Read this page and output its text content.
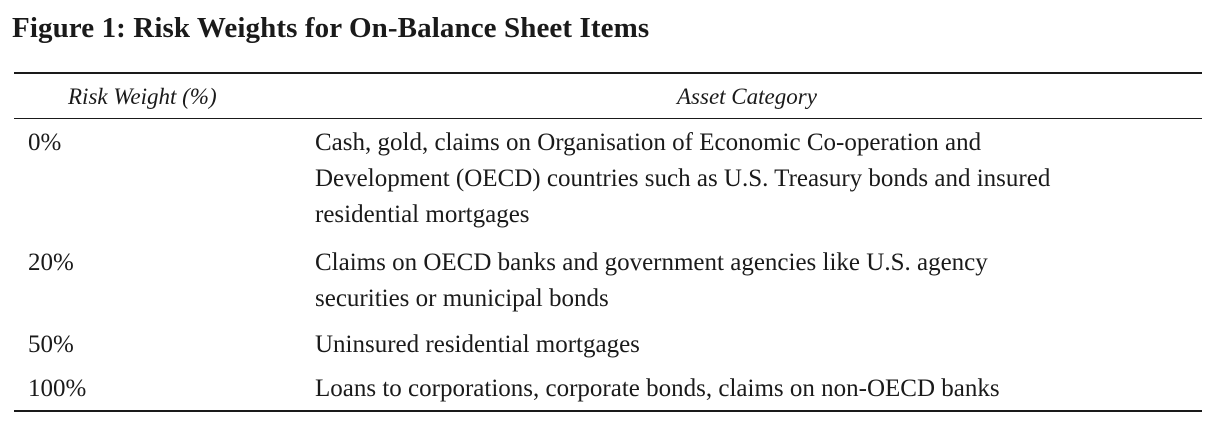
Figure 1: Risk Weights for On-Balance Sheet Items
Risk Weight (%)	Asset Category
0%	Cash, gold, claims on Organisation of Economic Co-operation and
Development (OECD) countries such as U.S. Treasury bonds and insured
residential mortgages
20%	Claims on OECD banks and government agencies like U.S. agency
securities or municipal bonds
50%	Uninsured residential mortgages
100%	Loans to corporations, corporate bonds, claims on non-OECD banks
